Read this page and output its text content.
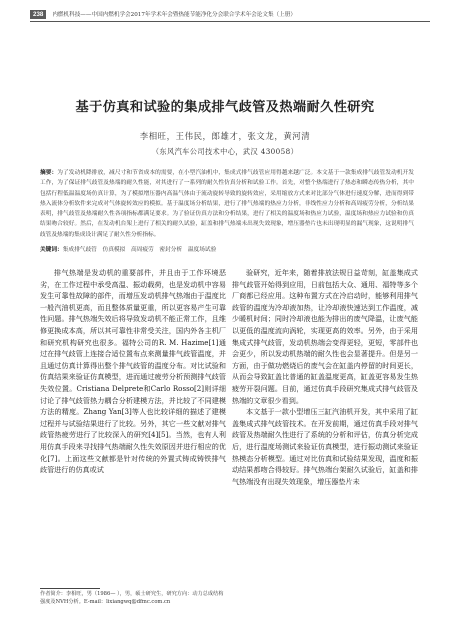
238	内燃机科技——中国内燃机学会2017年学术年会暨热能节能净化分会联合学术年会论文集（上册）
基于仿真和试验的集成排气歧管及热端耐久性研究
李相旺，王伟民，郎雄才，张文龙，黄河清
（东风汽车公司技术中心，武汉 430058）
摘要：为了发动机降排放，减尺寸和节省成本的需要，在小型汽油机中，集成式排气歧管应用得越来越广泛。本文基于一款集成排气歧管发动机开发工作，为了保证排气歧管及热端的耐久性能，对其进行了一系列的耐久性仿真分析和试验工作。首先，对整个热端进行了热态和瞬态传热分析，其中包括行程低温温度场仿真计算，为了模拟增压器内高温气体由于流动旋转导致的旋转效应，采用缩放方式来对比部分气体进行速度分解，进而得到带热入流体分析软件来完成对气体旋转效应的模拟。基于温度场分析结果，进行了排气热端的热应力分析，非线性应力分析和高周疲劳分析，分析结果表明，排气歧管及热端耐久性各项指标都满足要求。为了验证仿真方法和分析结果，进行了相关的温度场和热应力试验，温度场和热应力试验和仿真结果吻合较好。然后，在发动机台架上进行了相关的耐久试验，缸盖和排气热端未出现失效现象，增压器垫片也未出现明显的漏气现象，这说明排气歧管及热端的集成设计满足了耐久性分析指标。
关键词：集成排气歧管　仿真模拟　高周疲劳　密封分析　温度场试验

排气热端是发动机的重要部件，并且由于工作环境恶劣，在工作过程中承受高温、振动载荷，也是发动机中容易发生可靠性故障的部件，而增压发动机排气热端由于温度比一般汽油机更高，而且整体质量更重，所以更容易产生可靠性问题。排气热端失效后将导致发动机不能正常工作，且维修更换成本高，所以其可靠性非常受关注，国内外各主机厂和研究机构研究也很多。福特公司的R. M. Hazime[1]通过在排气歧管上连接合适位置布点来测量排气歧管温度，并且通过仿真计算得出整个排气歧管的温度分布。对比试验和仿真结果来验证仿真模型，进而通过疲劳分析预测排气歧管失效位置。Cristiana Delprete和Carlo Rosso[2]则详细讨论了排气歧管热力耦合分析建模方法，并比较了不同建模方法的精度。Zhang Yan[3]等人也比较详细的描述了建模过程并与试验结果进行了比较。另外，其它一些文献对排气歧管热疲劳进行了比较深入的研究[4][5]。当然，也有人利用仿真手段来寻找排气热端耐久性失效原因并进行相应的优化[7]。上面这些文献都是针对传统的外置式铸成铸铁排气歧管进行的仿真或试

验研究，近年来，随着排放法规日益苛刻，缸盖集成式排气歧管开始得到应用，日前包括大众、通用、福特等多个厂商都已经应用。这种布置方式在冷启动时，能够利用排气歧管的温度为冷却液加热，让冷却液快速达到工作温度，减少暖机时间；同时冷却液也能为排出的废气降温，让废气能以更低的温度流向涡轮，实现更高的效率。另外，由于采用集成式排气歧管，发动机热端会变得更轻，更短，零部件也会更少，所以发动机热端的耐久性也会显著提升。但是另一方面，由于做功燃烧后的废气会在缸盖内停留的时间更长，从而会导致缸盖比普通的缸盖温度更高，缸盖更容易发生热疲劳开裂问题。目前，通过仿真手段研究集成式排气歧管及热端的文章很少看到。

本文基于一款小型增压三缸汽油机开发，其中采用了缸盖集成式排气歧管技术。在开发前期，通过仿真手段对排气歧管及热端耐久性进行了系统的分析和评估，仿真分析完成后，进行温度场测试来验证仿真模型，进行振动测试来验证热模态分析模型。通过对比仿真和试验结果发现，温度和振动结果都吻合得较好。排气热端台架耐久试验后，缸盖和排气热端没有出现失效现象，增压器垫片未

作者简介：李相旺，男（1986— ），男，硕士研究生，研究方向：动力总成结构强度及NVH分析。E-mail：lixiangwq@dfmc.com.cn
